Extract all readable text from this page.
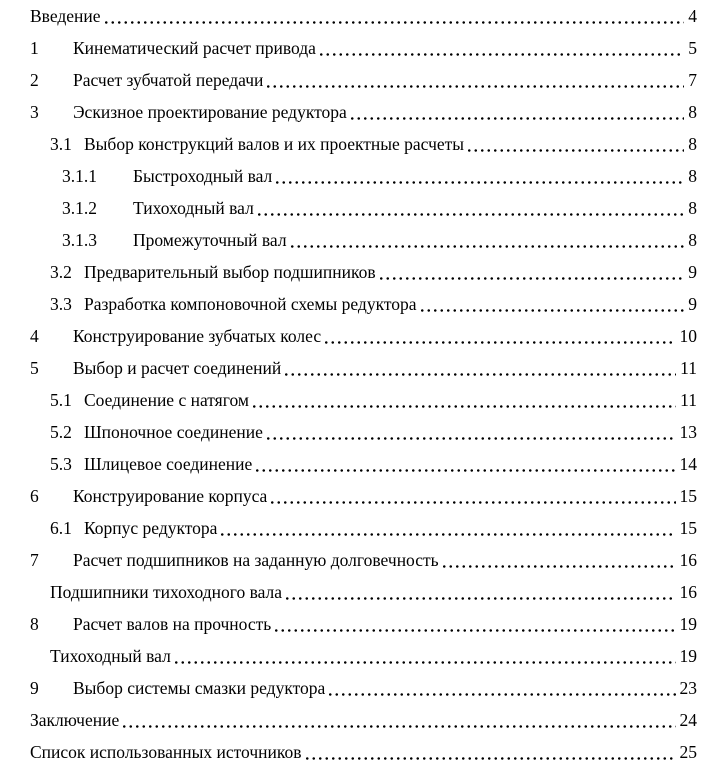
Введение	4
1	Кинематический расчет привода	5
2	Расчет зубчатой передачи	7
3	Эскизное проектирование редуктора	8
3.1 Выбор конструкций валов и их проектные расчеты	8
3.1.1	Быстроходный вал	8
3.1.2	Тихоходный вал	8
3.1.3	Промежуточный вал	8
3.2 Предварительный выбор подшипников	9
3.3 Разработка компоновочной схемы редуктора	9
4	Конструирование зубчатых колес	10
5	Выбор и расчет соединений	11
5.1 Соединение с натягом	11
5.2 Шпоночное соединение	13
5.3 Шлицевое соединение	14
6	Конструирование корпуса	15
6.1 Корпус редуктора	15
7	Расчет подшипников на заданную долговечность	16
Подшипники тихоходного вала	16
8	Расчет валов на прочность	19
Тихоходный вал	19
9	Выбор системы смазки редуктора	23
Заключение	24
Список использованных источников	25
